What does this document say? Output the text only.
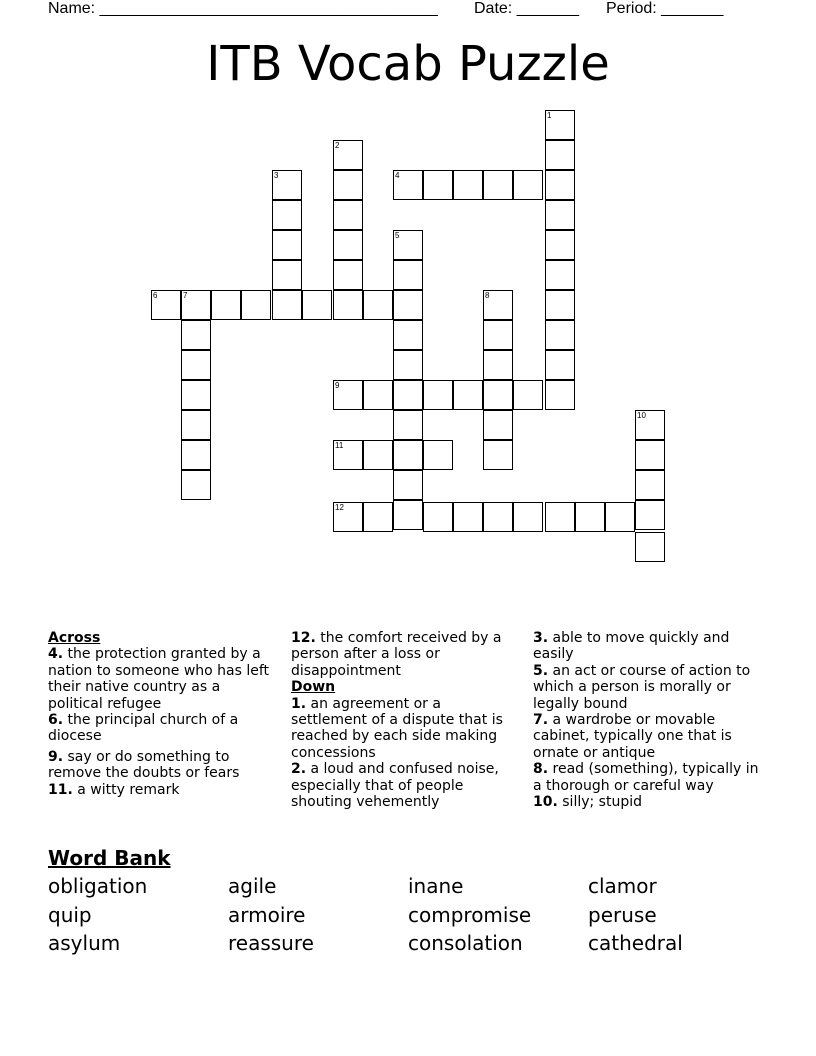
Name: ______________________________________ Date: _______ Period: _______
ITB Vocab Puzzle
1
2
3	4
5
6	7	8
9
10
11
12
Across
4. the protection granted by a nation to someone who has left their native country as a political refugee
6. the principal church of a diocese
9. say or do something to remove the doubts or fears
11. a witty remark
12. the comfort received by a person after a loss or disappointment
Down
1. an agreement or a settlement of a dispute that is reached by each side making concessions
2. a loud and confused noise, especially that of people shouting vehemently
3. able to move quickly and easily
5. an act or course of action to which a person is morally or legally bound
7. a wardrobe or movable cabinet, typically one that is ornate or antique
8. read (something), typically in a thorough or careful way
10. silly; stupid
Word Bank
obligation	agile	inane	clamor
quip	armoire	compromise	peruse
asylum	reassure	consolation	cathedral
